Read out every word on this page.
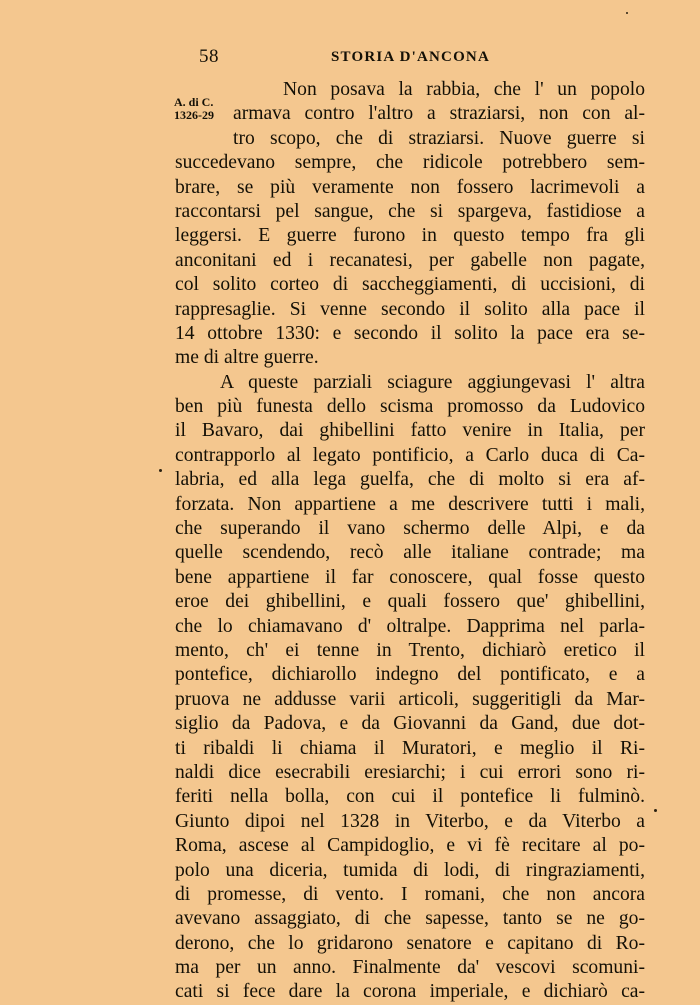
58	STORIA D'ANCONA
A. di C.
1326-29
Non posava la rabbia, che l' un popolo
armava contro l'altro a straziarsi, non con al-
tro scopo, che di straziarsi. Nuove guerre si
succedevano sempre, che ridicole potrebbero sem-
brare, se più veramente non fossero lacrimevoli a
raccontarsi pel sangue, che si spargeva, fastidiose a
leggersi. E guerre furono in questo tempo fra gli
anconitani ed i recanatesi, per gabelle non pagate,
col solito corteo di saccheggiamenti, di uccisioni, di
rappresaglie. Si venne secondo il solito alla pace il
14 ottobre 1330: e secondo il solito la pace era se-
me di altre guerre.
A queste parziali sciagure aggiungevasi l' altra
ben più funesta dello scisma promosso da Ludovico
il Bavaro, dai ghibellini fatto venire in Italia, per
contrapporlo al legato pontificio, a Carlo duca di Ca-
labria, ed alla lega guelfa, che di molto si era af-
forzata. Non appartiene a me descrivere tutti i mali,
che superando il vano schermo delle Alpi, e da
quelle scendendo, recò alle italiane contrade; ma
bene appartiene il far conoscere, qual fosse questo
eroe dei ghibellini, e quali fossero que' ghibellini,
che lo chiamavano d' oltralpe. Dapprima nel parla-
mento, ch' ei tenne in Trento, dichiarò eretico il
pontefice, dichiarollo indegno del pontificato, e a
pruova ne addusse varii articoli, suggeritigli da Mar-
siglio da Padova, e da Giovanni da Gand, due dot-
ti ribaldi li chiama il Muratori, e meglio il Ri-
naldi dice esecrabili eresiarchi; i cui errori sono ri-
feriti nella bolla, con cui il pontefice li fulminò.
Giunto dipoi nel 1328 in Viterbo, e da Viterbo a
Roma, ascese al Campidoglio, e vi fè recitare al po-
polo una diceria, tumida di lodi, di ringraziamenti,
di promesse, di vento. I romani, che non ancora
avevano assaggiato, di che sapesse, tanto se ne go-
derono, che lo gridarono senatore e capitano di Ro-
ma per un anno. Finalmente da' vescovi scomuni-
cati si fece dare la corona imperiale, e dichiarò ca-
